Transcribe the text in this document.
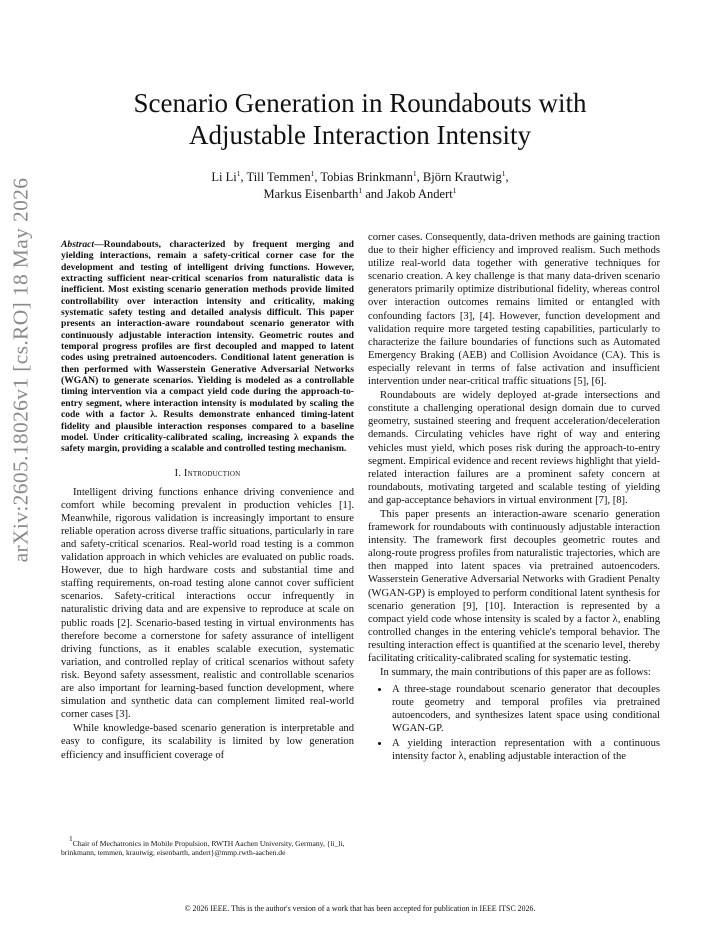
arXiv:2605.18026v1 [cs.RO] 18 May 2026
Scenario Generation in Roundabouts with
Adjustable Interaction Intensity
Li Li$^1$, Till Temmen$^1$, Tobias Brinkmann$^1$, Björn Krautwig$^1$,
Markus Eisenbarth$^1$ and Jakob Andert$^1$

Abstract—Roundabouts, characterized by frequent merging and yielding interactions, remain a safety-critical corner case for the development and testing of intelligent driving functions. However, extracting sufficient near-critical scenarios from naturalistic data is inefficient. Most existing scenario generation methods provide limited controllability over interaction intensity and criticality, making systematic safety testing and detailed analysis difficult. This paper presents an interaction-aware roundabout scenario generator with continuously adjustable interaction intensity. Geometric routes and temporal progress profiles are first decoupled and mapped to latent codes using pretrained autoencoders. Conditional latent generation is then performed with Wasserstein Generative Adversarial Networks (WGAN) to generate scenarios. Yielding is modeled as a controllable timing intervention via a compact yield code during the approach-to-entry segment, where interaction intensity is modulated by scaling the code with a factor λ. Results demonstrate enhanced timing-latent fidelity and plausible interaction responses compared to a baseline model. Under criticality-calibrated scaling, increasing λ expands the safety margin, providing a scalable and controlled testing mechanism.

I. Introduction

Intelligent driving functions enhance driving convenience and comfort while becoming prevalent in production vehicles [1]. Meanwhile, rigorous validation is increasingly important to ensure reliable operation across diverse traffic situations, particularly in rare and safety-critical scenarios. Real-world road testing is a common validation approach in which vehicles are evaluated on public roads. However, due to high hardware costs and substantial time and staffing requirements, on-road testing alone cannot cover sufficient scenarios. Safety-critical interactions occur infrequently in naturalistic driving data and are expensive to reproduce at scale on public roads [2]. Scenario-based testing in virtual environments has therefore become a cornerstone for safety assurance of intelligent driving functions, as it enables scalable execution, systematic variation, and controlled replay of critical scenarios without safety risk. Beyond safety assessment, realistic and controllable scenarios are also important for learning-based function development, where simulation and synthetic data can complement limited real-world corner cases [3].

While knowledge-based scenario generation is interpretable and easy to configure, its scalability is limited by low generation efficiency and insufficient coverage of

corner cases. Consequently, data-driven methods are gaining traction due to their higher efficiency and improved realism. Such methods utilize real-world data together with generative techniques for scenario creation. A key challenge is that many data-driven scenario generators primarily optimize distributional fidelity, whereas control over interaction outcomes remains limited or entangled with confounding factors [3], [4]. However, function development and validation require more targeted testing capabilities, particularly to characterize the failure boundaries of functions such as Automated Emergency Braking (AEB) and Collision Avoidance (CA). This is especially relevant in terms of false activation and insufficient intervention under near-critical traffic situations [5], [6].

Roundabouts are widely deployed at-grade intersections and constitute a challenging operational design domain due to curved geometry, sustained steering and frequent acceleration/deceleration demands. Circulating vehicles have right of way and entering vehicles must yield, which poses risk during the approach-to-entry segment. Empirical evidence and recent reviews highlight that yield-related interaction failures are a prominent safety concern at roundabouts, motivating targeted and scalable testing of yielding and gap-acceptance behaviors in virtual environment [7], [8].

This paper presents an interaction-aware scenario generation framework for roundabouts with continuously adjustable interaction intensity. The framework first decouples geometric routes and along-route progress profiles from naturalistic trajectories, which are then mapped into latent spaces via pretrained autoencoders. Wasserstein Generative Adversarial Networks with Gradient Penalty (WGAN-GP) is employed to perform conditional latent synthesis for scenario generation [9], [10]. Interaction is represented by a compact yield code whose intensity is scaled by a factor λ, enabling controlled changes in the entering vehicle's temporal behavior. The resulting interaction effect is quantified at the scenario level, thereby facilitating criticality-calibrated scaling for systematic testing.

In summary, the main contributions of this paper are as follows:

• A three-stage roundabout scenario generator that decouples route geometry and temporal profiles via pretrained autoencoders, and synthesizes latent space using conditional WGAN-GP.
• A yielding interaction representation with a continuous intensity factor λ, enabling adjustable interaction of the
$^1$Chair of Mechatronics in Mobile Propulsion, RWTH Aachen University, Germany, {li_li, brinkmann, temmen, krautwig, eisenbarth, andert}@mmp.rwth-aachen.de
© 2026 IEEE. This is the author's version of a work that has been accepted for publication in IEEE ITSC 2026.
